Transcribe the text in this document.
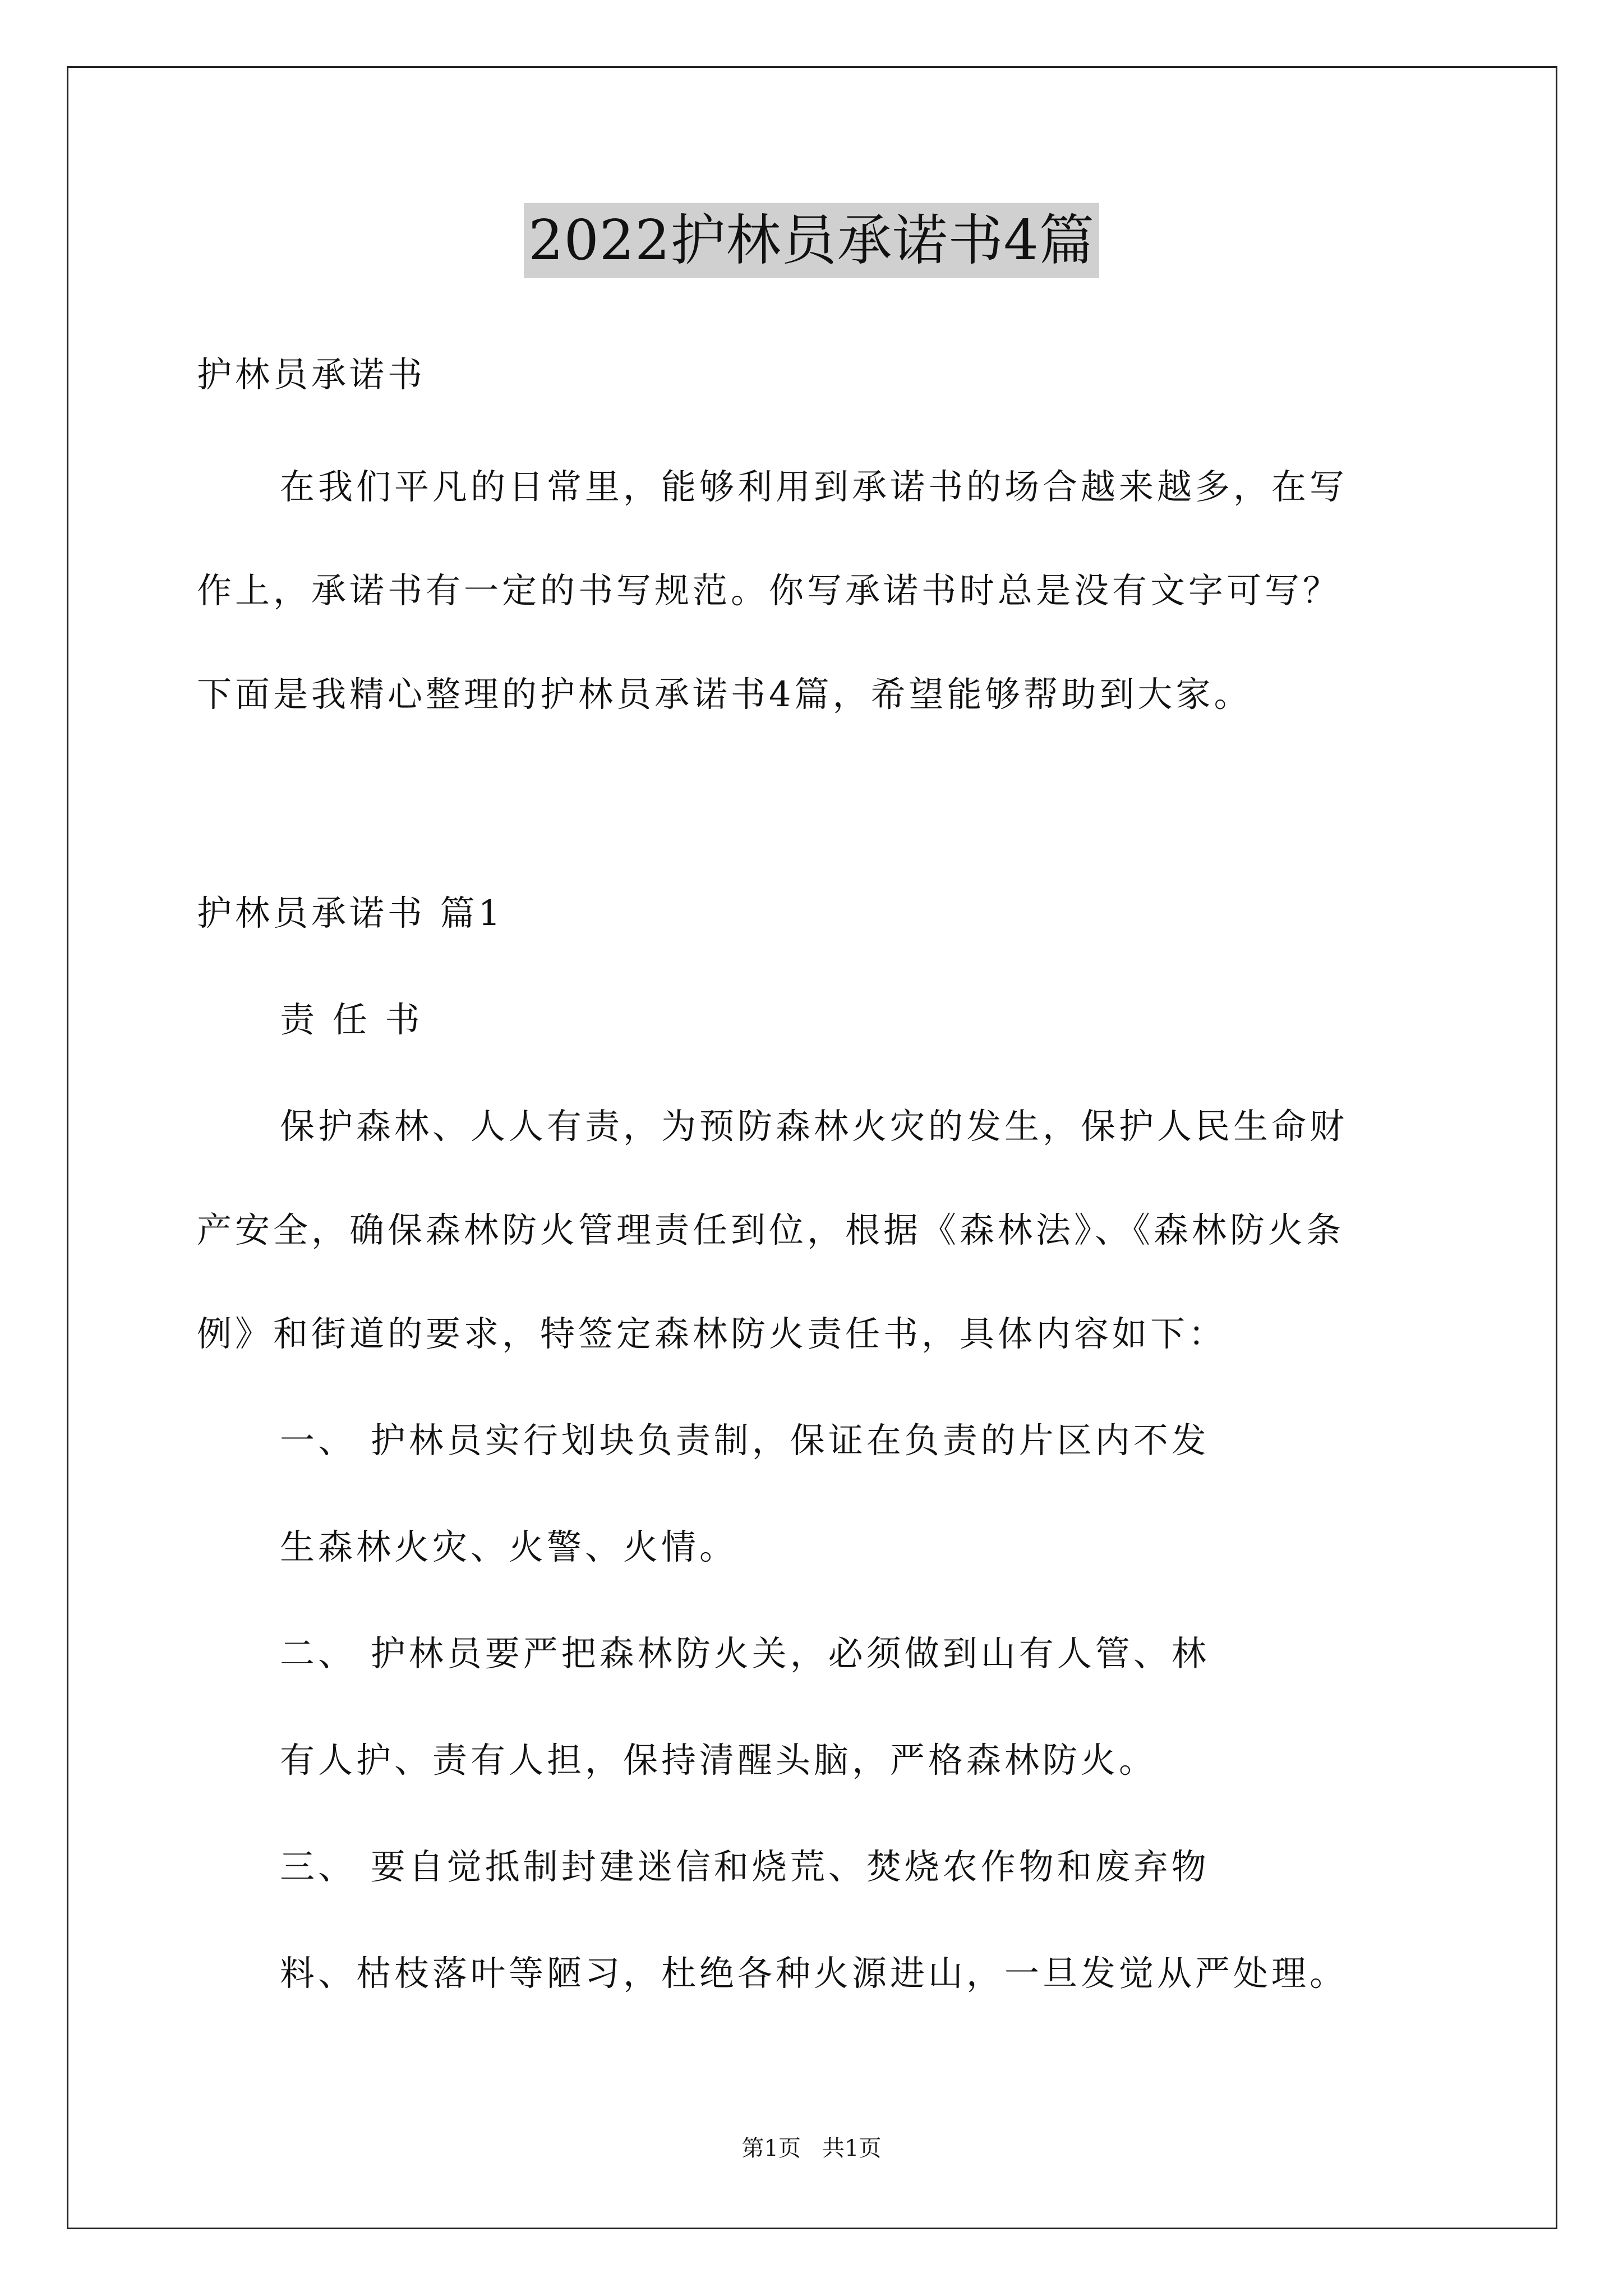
2022护林员承诺书4篇
护林员承诺书
在我们平凡的日常里，能够利用到承诺书的场合越来越多，在写
作上，承诺书有一定的书写规范。你写承诺书时总是没有文字可写？
下面是我精心整理的护林员承诺书4篇，希望能够帮助到大家。
护林员承诺书 篇1
责 任 书
保护森林、人人有责，为预防森林火灾的发生，保护人民生命财
产安全，确保森林防火管理责任到位，根据《森林法》、《森林防火条
例》和街道的要求，特签定森林防火责任书，具体内容如下：
一、 护林员实行划块负责制，保证在负责的片区内不发
生森林火灾、火警、火情。
二、 护林员要严把森林防火关，必须做到山有人管、林
有人护、责有人担，保持清醒头脑，严格森林防火。
三、 要自觉抵制封建迷信和烧荒、焚烧农作物和废弃物
料、枯枝落叶等陋习，杜绝各种火源进山，一旦发觉从严处理。
第1页   共1页
